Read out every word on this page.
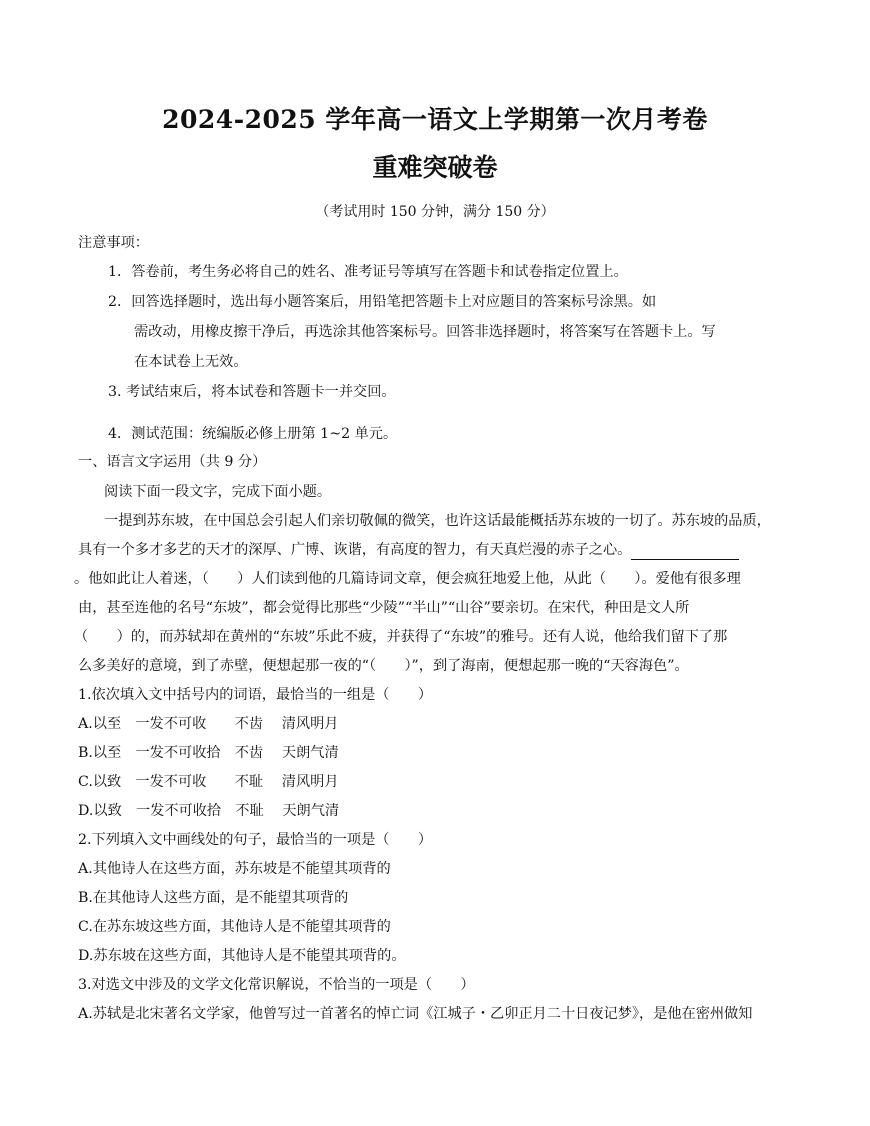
2024-2025 学年高一语文上学期第一次月考卷
重难突破卷
（考试用时 150 分钟，满分 150 分）
注意事项：
1．答卷前，考生务必将自己的姓名、准考证号等填写在答题卡和试卷指定位置上。
2．回答选择题时，选出每小题答案后，用铅笔把答题卡上对应题目的答案标号涂黑。如
需改动，用橡皮擦干净后，再选涂其他答案标号。回答非选择题时，将答案写在答题卡上。写
在本试卷上无效。
3. 考试结束后，将本试卷和答题卡一并交回。
4．测试范围：统编版必修上册第 1~2 单元。
一、语言文字运用（共 9 分）
阅读下面一段文字，完成下面小题。
一提到苏东坡，在中国总会引起人们亲切敬佩的微笑，也许这话最能概括苏东坡的一切了。苏东坡的品质，
具有一个多才多艺的天才的深厚、广博、诙谐，有高度的智力，有天真烂漫的赤子之心。
。他如此让人着迷，（　　）人们读到他的几篇诗词文章，便会疯狂地爱上他，从此（　　）。爱他有很多理
由，甚至连他的名号“东坡”，都会觉得比那些“少陵”“半山”“山谷”要亲切。在宋代，种田是文人所
（　　）的，而苏轼却在黄州的“东坡”乐此不疲，并获得了“东坡”的雅号。还有人说，他给我们留下了那
么多美好的意境，到了赤壁，便想起那一夜的“（　　）”，到了海南，便想起那一晚的“天容海色”。
1.依次填入文中括号内的词语，最恰当的一组是（　　）
A.以至　一发不可收　　不齿　 清风明月
B.以至　一发不可收拾　不齿　 天朗气清
C.以致　一发不可收　　不耻　 清风明月
D.以致　一发不可收拾　不耻　 天朗气清
2.下列填入文中画线处的句子，最恰当的一项是（　　）
A.其他诗人在这些方面，苏东坡是不能望其项背的
B.在其他诗人这些方面，是不能望其项背的
C.在苏东坡这些方面，其他诗人是不能望其项背的
D.苏东坡在这些方面，其他诗人是不能望其项背的。
3.对选文中涉及的文学文化常识解说，不恰当的一项是（　　）
A.苏轼是北宋著名文学家，他曾写过一首著名的悼亡词《江城子・乙卯正月二十日夜记梦》，是他在密州做知
